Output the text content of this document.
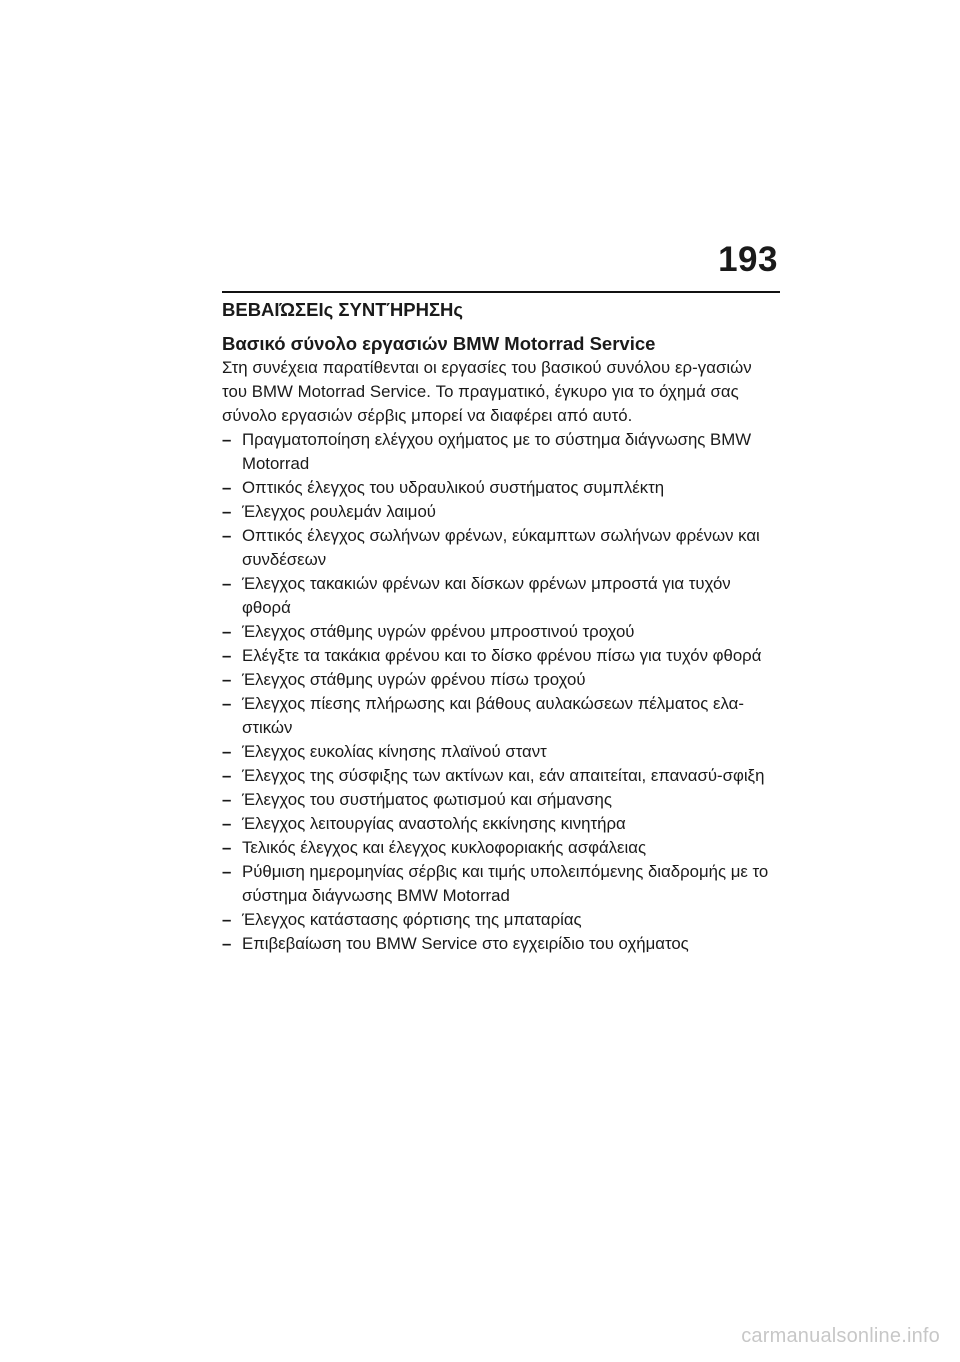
193
ΒΕΒΑΙΏΣΕΙς ΣΥΝΤΉΡΗΣΗς
Βασικό σύνολο εργασιών BMW Motorrad Service
Στη συνέχεια παρατίθενται οι εργασίες του βασικού συνόλου ερ-γασιών του BMW Motorrad Service. Το πραγματικό, έγκυρο για το όχημά σας σύνολο εργασιών σέρβις μπορεί να διαφέρει από αυτό.
– Πραγματοποίηση ελέγχου οχήματος με το σύστημα διάγνωσης BMW Motorrad
– Οπτικός έλεγχος του υδραυλικού συστήματος συμπλέκτη
– Έλεγχος ρουλεμάν λαιμού
– Οπτικός έλεγχος σωλήνων φρένων, εύκαμπτων σωλήνων φρένων και συνδέσεων
– Έλεγχος τακακιών φρένων και δίσκων φρένων μπροστά για τυχόν φθορά
– Έλεγχος στάθμης υγρών φρένου μπροστινού τροχού
– Ελέγξτε τα τακάκια φρένου και το δίσκο φρένου πίσω για τυχόν φθορά
– Έλεγχος στάθμης υγρών φρένου πίσω τροχού
– Έλεγχος πίεσης πλήρωσης και βάθους αυλακώσεων πέλματος ελα-στικών
– Έλεγχος ευκολίας κίνησης πλαϊνού σταντ
– Έλεγχος της σύσφιξης των ακτίνων και, εάν απαιτείται, επανασύ-σφιξη
– Έλεγχος του συστήματος φωτισμού και σήμανσης
– Έλεγχος λειτουργίας αναστολής εκκίνησης κινητήρα
– Τελικός έλεγχος και έλεγχος κυκλοφοριακής ασφάλειας
– Ρύθμιση ημερομηνίας σέρβις και τιμής υπολειπόμενης διαδρομής με το σύστημα διάγνωσης BMW Motorrad
– Έλεγχος κατάστασης φόρτισης της μπαταρίας
– Επιβεβαίωση του BMW Service στο εγχειρίδιο του οχήματος
carmanualsonline.info
